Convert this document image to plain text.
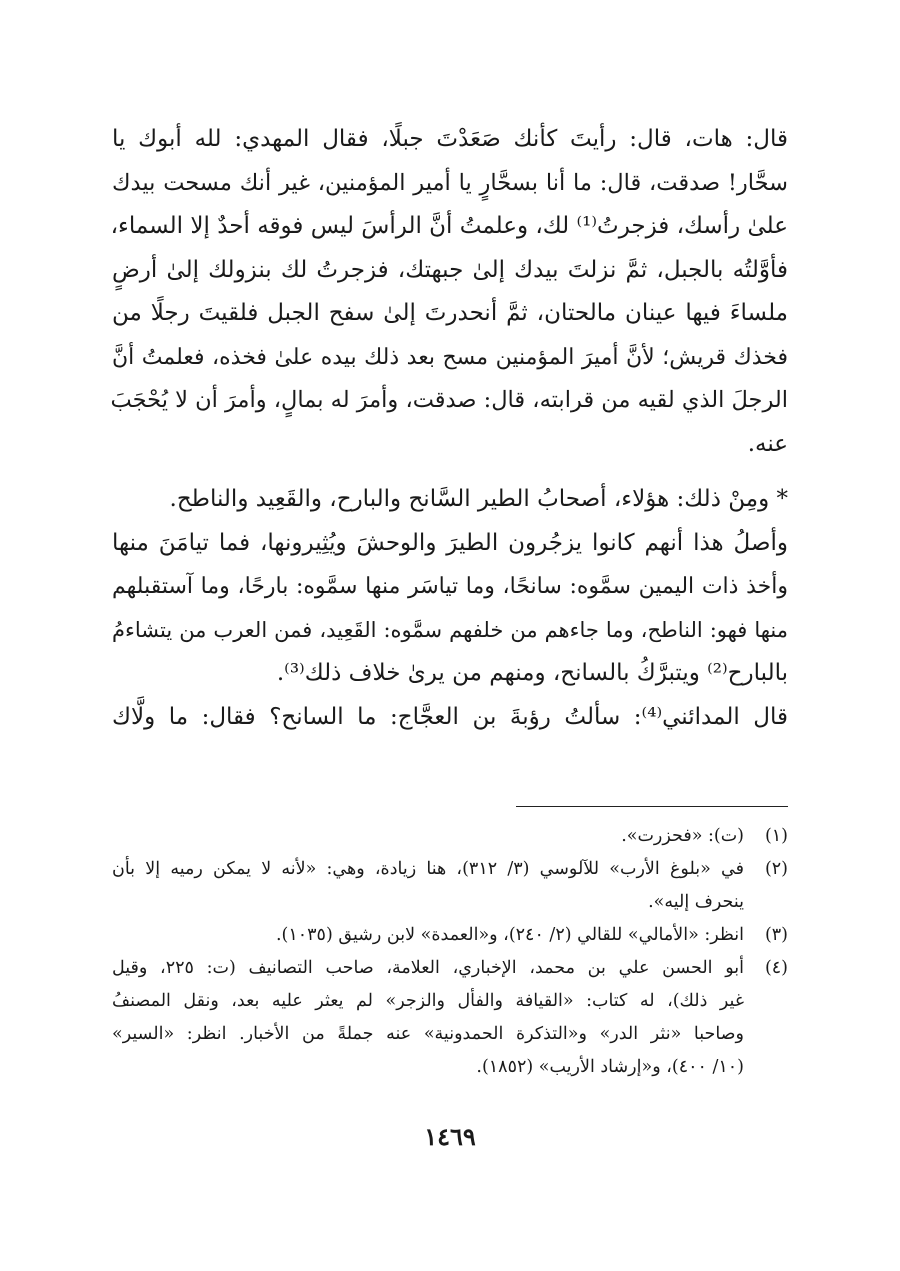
قال: هات، قال: رأيتَ كأنك صَعَدْتَ جبلًا، فقال المهدي: لله أبوك يا
سحَّار! صدقت، قال: ما أنا بسحَّارٍ يا أمير المؤمنين، غير أنك مسحت بيدك
علىٰ رأسك، فزجرتُ⁽¹⁾ لك، وعلمتُ أنَّ الرأسَ ليس فوقه أحدٌ إلا السماء،
فأوَّلتُه بالجبل، ثمَّ نزلتَ بيدك إلىٰ جبهتك، فزجرتُ لك بنزولك إلىٰ أرضٍ
ملساءَ فيها عينان مالحتان، ثمَّ أنحدرتَ إلىٰ سفح الجبل فلقيتَ رجلًا من
فخذك قريش؛ لأنَّ أميرَ المؤمنين مسح بعد ذلك بيده علىٰ فخذه، فعلمتُ أنَّ
الرجلَ الذي لقيه من قرابته، قال: صدقت، وأمرَ له بمالٍ، وأمرَ أن لا يُحْجَبَ
عنه.
* ومِنْ ذلك: هؤلاء، أصحابُ الطير السَّانح والبارح، والقَعِيد والناطح.
وأصلُ هذا أنهم كانوا يزجُرون الطيرَ والوحشَ ويُثِيرونها، فما تيامَنَ منها
وأخذ ذات اليمين سمَّوه: سانحًا، وما تياسَر منها سمَّوه: بارحًا، وما آستقبلهم
منها فهو: الناطح، وما جاءهم من خلفهم سمَّوه: القَعِيد، فمن العرب من يتشاءمُ
بالبارح⁽²⁾ ويتبرَّكُ بالسانح، ومنهم من يرىٰ خلاف ذلك⁽³⁾.
قال المدائني⁽⁴⁾: سألتُ رؤبةَ بن العجَّاج: ما السانح؟ فقال: ما ولَّاك
(١)
(ت): «فحزرت».
(٢)
في «بلوغ الأرب» للآلوسي (٣/ ٣١٢)، هنا زيادة، وهي: «لأنه لا يمكن رميه إلا بأن
ينحرف إليه».
(٣)
انظر: «الأمالي» للقالي (٢/ ٢٤٠)، و«العمدة» لابن رشيق (١٠٣٥).
(٤)
أبو الحسن علي بن محمد، الإخباري، العلامة، صاحب التصانيف (ت: ٢٢٥، وقيل
غير ذلك)، له كتاب: «القيافة والفأل والزجر» لم يعثر عليه بعد، ونقل المصنفُ
وصاحبا «نثر الدر» و«التذكرة الحمدونية» عنه جملةً من الأخبار. انظر: «السير»
(١٠/ ٤٠٠)، و«إرشاد الأريب» (١٨٥٢).
١٤٦٩
